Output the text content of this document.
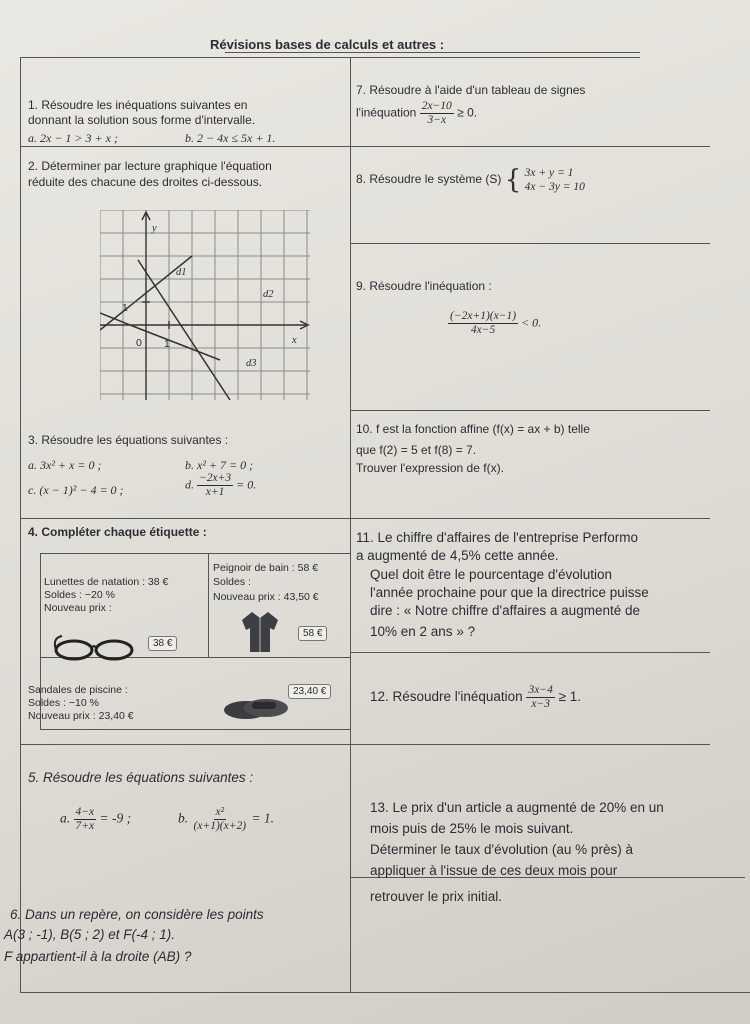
Révisions bases de calculs et autres :
1. Résoudre les inéquations suivantes en
donnant la solution sous forme d'intervalle.
a. 2x − 1 > 3 + x ;	b. 2 − 4x ≤ 5x + 1.
2. Déterminer par lecture graphique l'équation
réduite des chacune des droites ci-dessous.
y
x
0 1
1
d1
d2
d3
3. Résoudre les équations suivantes :
a. 3x² + x = 0 ;	b. x² + 7 = 0 ;
c. (x − 1)² − 4 = 0 ;	d. $\frac{-2x+3}{x+1} = 0$.
4. Compléter chaque étiquette :
Lunettes de natation : 38 €
Soldes : −20 %
Nouveau prix :
38 €
Peignoir de bain : 58 €
Soldes :
Nouveau prix : 43,50 €
58 €
Sandales de piscine :
Soldes : −10 %
Nouveau prix : 23,40 €
23,40 €
5. Résoudre les équations suivantes :
a. $\frac{4-x}{7+x} = -9$ ;	b. $\frac{\text{x²}}{(x+1)(x+2)} = 1$.
6. Dans un repère, on considère les points
A(3 ; -1), B(5 ; 2) et F(-4 ; 1).
F appartient-il à la droite (AB) ?
7. Résoudre à l'aide d'un tableau de signes
l'inéquation $\frac{2x-10}{3-x} \ge 0$.
8. Résoudre le système (S) { 3x + y = 1
4x − 3y = 10
9. Résoudre l'inéquation :
$\frac{(-2x+1)(x-1)}{4x-5} < 0$.
10. f est la fonction affine (f(x) = ax + b) telle
que f(2) = 5 et f(8) = 7.
Trouver l'expression de f(x).
11. Le chiffre d'affaires de l'entreprise Performo
a augmenté de 4,5% cette année.
Quel doit être le pourcentage d'évolution
l'année prochaine pour que la directrice puisse
dire : « Notre chiffre d'affaires a augmenté de
10% en 2 ans » ?
12. Résoudre l'inéquation $\frac{3x-4}{x-3} \ge 1$.
13. Le prix d'un article a augmenté de 20% en un
mois puis de 25% le mois suivant.
Déterminer le taux d'évolution (au % près) à
appliquer à l'issue de ces deux mois pour
retrouver le prix initial.
